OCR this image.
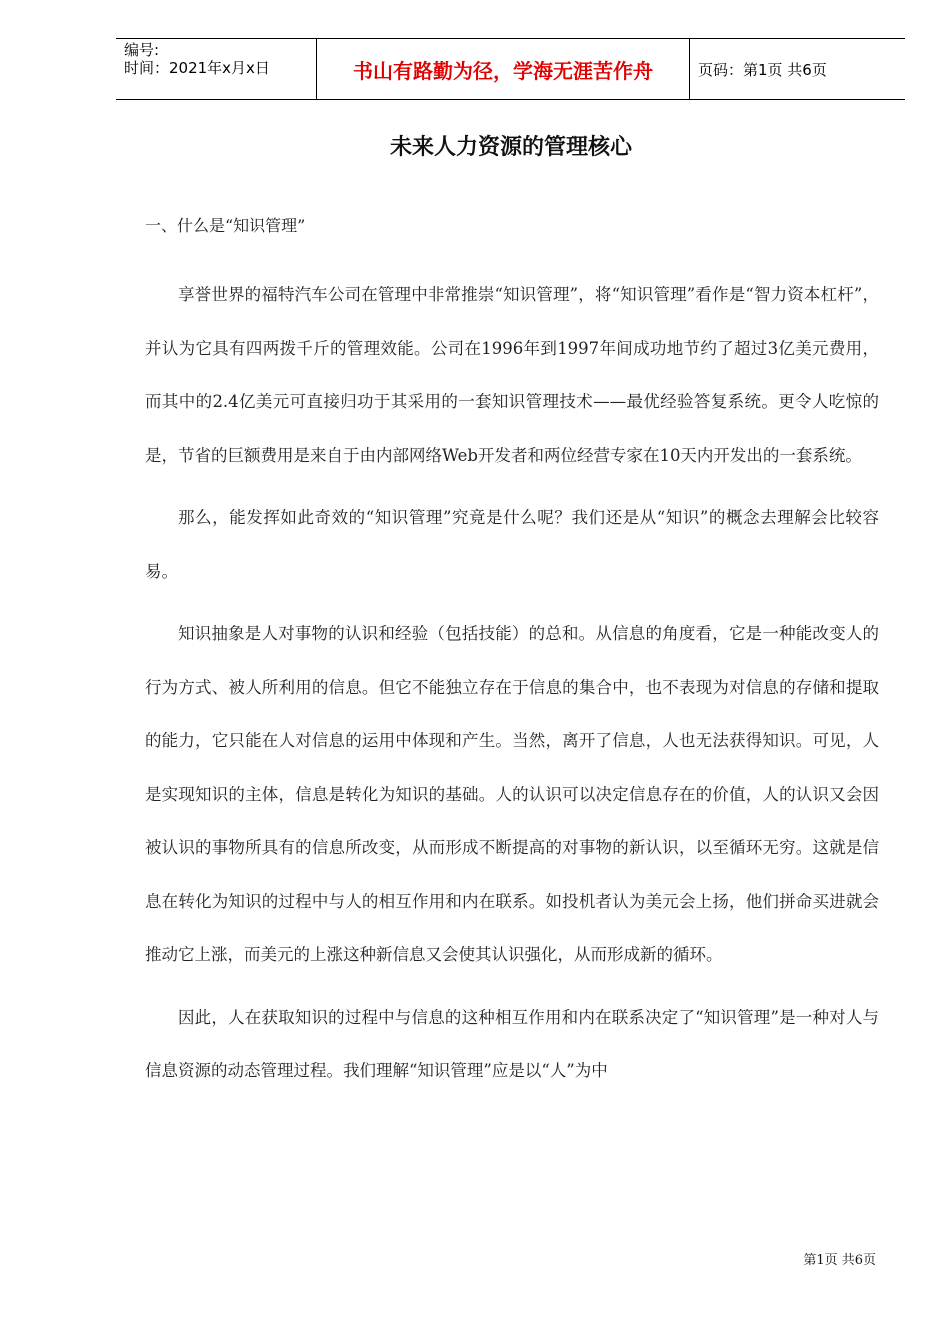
编号:
时间：2021年x月x日	书山有路勤为径，学海无涯苦作舟	页码：第1页 共6页
未来人力资源的管理核心
一、什么是“知识管理”

享誉世界的福特汽车公司在管理中非常推崇“知识管理”，将“知识管理”看作是“智力资本杠杆”，并认为它具有四两拨千斤的管理效能。公司在1996年到1997年间成功地节约了超过3亿美元费用，而其中的2.4亿美元可直接归功于其采用的一套知识管理技术——最优经验答复系统。更令人吃惊的是，节省的巨额费用是来自于由内部网络Web开发者和两位经营专家在10天内开发出的一套系统。

那么，能发挥如此奇效的“知识管理”究竟是什么呢？我们还是从“知识”的概念去理解会比较容易。

知识抽象是人对事物的认识和经验（包括技能）的总和。从信息的角度看，它是一种能改变人的行为方式、被人所利用的信息。但它不能独立存在于信息的集合中，也不表现为对信息的存储和提取的能力，它只能在人对信息的运用中体现和产生。当然，离开了信息，人也无法获得知识。可见，人是实现知识的主体，信息是转化为知识的基础。人的认识可以决定信息存在的价值，人的认识又会因被认识的事物所具有的信息所改变，从而形成不断提高的对事物的新认识，以至循环无穷。这就是信息在转化为知识的过程中与人的相互作用和内在联系。如投机者认为美元会上扬，他们拼命买进就会推动它上涨，而美元的上涨这种新信息又会使其认识强化，从而形成新的循环。

因此，人在获取知识的过程中与信息的这种相互作用和内在联系决定了“知识管理”是一种对人与信息资源的动态管理过程。我们理解“知识管理”应是以“人”为中

第1页 共6页
